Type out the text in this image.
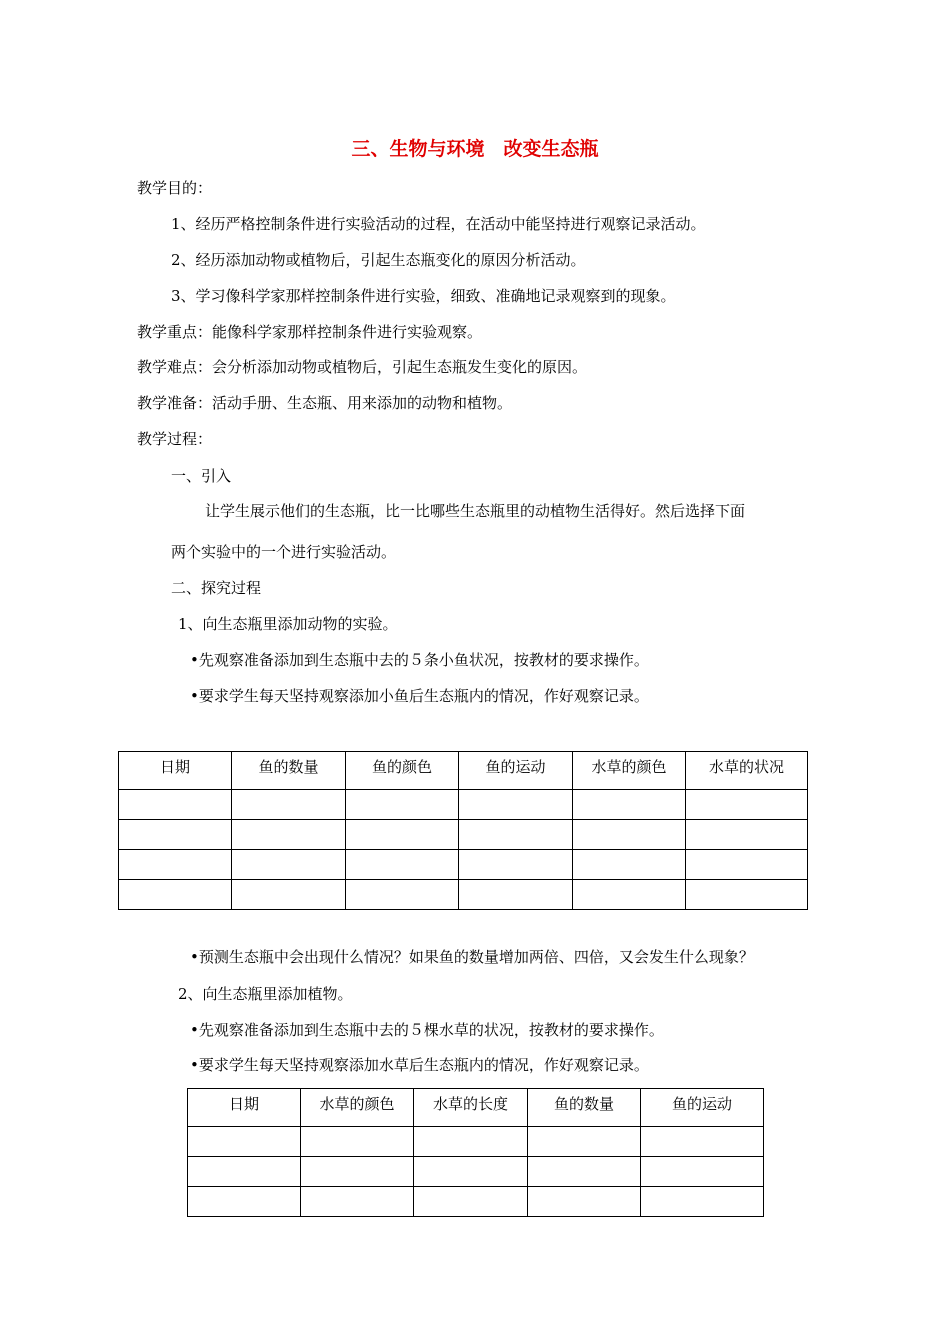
三、生物与环境　改变生态瓶
教学目的：
1、经历严格控制条件进行实验活动的过程，在活动中能坚持进行观察记录活动。
2、经历添加动物或植物后，引起生态瓶变化的原因分析活动。
3、学习像科学家那样控制条件进行实验，细致、准确地记录观察到的现象。
教学重点：能像科学家那样控制条件进行实验观察。
教学难点：会分析添加动物或植物后，引起生态瓶发生变化的原因。
教学准备：活动手册、生态瓶、用来添加的动物和植物。
教学过程：
一、引入
让学生展示他们的生态瓶，比一比哪些生态瓶里的动植物生活得好。然后选择下面
两个实验中的一个进行实验活动。
二、探究过程
1、向生态瓶里添加动物的实验。
•先观察准备添加到生态瓶中去的５条小鱼状况，按教材的要求操作。
•要求学生每天坚持观察添加小鱼后生态瓶内的情况，作好观察记录。
日期	鱼的数量	鱼的颜色	鱼的运动	水草的颜色	水草的状况

•预测生态瓶中会出现什么情况？如果鱼的数量增加两倍、四倍，又会发生什么现象？
2、向生态瓶里添加植物。
•先观察准备添加到生态瓶中去的５棵水草的状况，按教材的要求操作。
•要求学生每天坚持观察添加水草后生态瓶内的情况，作好观察记录。
日期	水草的颜色	水草的长度	鱼的数量	鱼的运动
